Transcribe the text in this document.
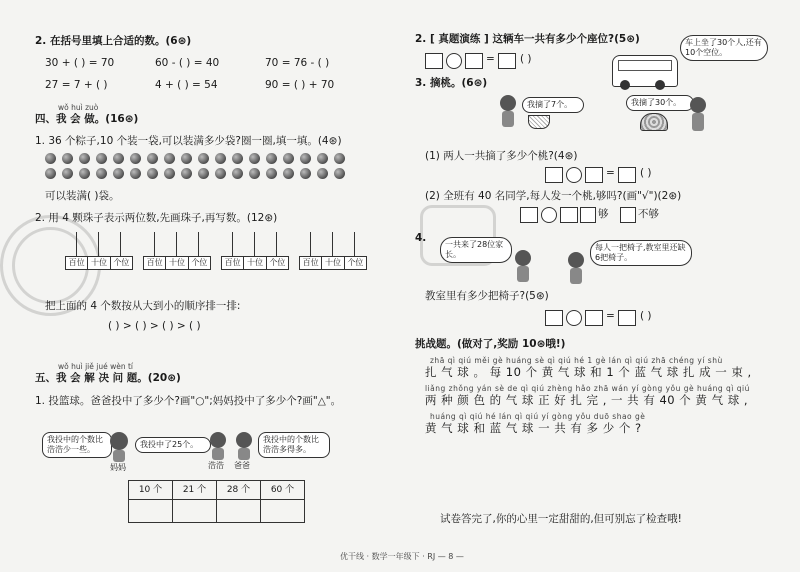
2. 在括号里填上合适的数。(6⊛)
30 + ( ) = 70	60 - ( ) = 40	70 = 76 - ( )
27 = 7 + ( )	4 + ( ) = 54	90 = ( ) + 70
wǒ huì zuò
四、我 会 做。(16⊛)
1. 36 个粽子,10 个装一袋,可以装满多少袋?圈一圈,填一填。(4⊛)
可以装满( )袋。
2. 用 4 颗珠子表示两位数,先画珠子,再写数。(12⊛)
百位 十位 个位	百位 十位 个位	百位 十位 个位	百位 十位 个位
把上面的 4 个数按从大到小的顺序排一排:
( ) > ( ) > ( ) > ( )
wǒ huì jiě jué wèn tí
五、我 会 解 决 问 题。(20⊛)
1. 投篮球。爸爸投中了多少个?画"○";妈妈投中了多少个?画"△"。
我投中的个数比浩浩少一些。
妈妈
我投中了25个。
浩浩 爸爸
我投中的个数比浩浩多得多。
10 个	21 个	28 个	60 个
2. [ 真题演练 ] 这辆车一共有多少个座位?(5⊛)
= ( )
车上坐了30个人,还有10个空位。
3. 摘桃。(6⊛)
我摘了7个。	我摘了30个。
(1) 两人一共摘了多少个桃?(4⊛)
= ( )
(2) 全班有 40 名同学,每人发一个桃,够吗?(画"√")(2⊛)
够	不够
4.
一共来了28位家长。
每人一把椅子,教室里还缺6把椅子。
教室里有多少把椅子?(5⊛)
= ( )
挑战题。(做对了,奖励 10⊛哦!)
zhā qì qiú měi gè huáng sè qì qiú hé 1 gè lán qì qiú zhā chéng yí shù
扎 气 球 。 每 10 个 黄 气 球 和 1 个 蓝 气 球 扎 成 一 束 ,
liǎng zhǒng yán sè de qì qiú zhèng hǎo zhā wán yí gòng yǒu gè huáng qì qiú
两 种 颜 色 的 气 球 正 好 扎 完 , 一 共 有 40 个 黄 气 球 ,
huáng qì qiú hé lán qì qiú yí gòng yǒu duō shao gè
黄 气 球 和 蓝 气 球 一 共 有 多 少 个 ?
试卷答完了,你的心里一定甜甜的,但可别忘了检查哦!
优干线 · 数学一年级下 · RJ — 8 —
